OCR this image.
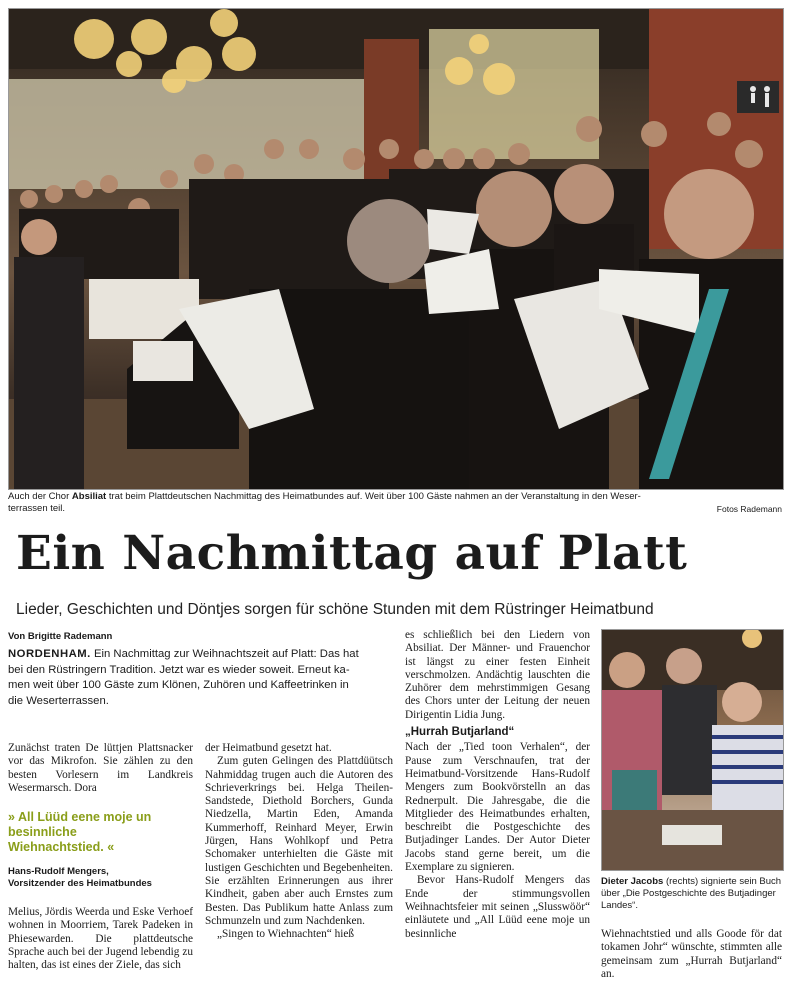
Auch der Chor Absiliat trat beim Plattdeutschen Nachmittag des Heimatbundes auf. Weit über 100 Gäste nahmen an der Veranstaltung in den Weser-
terrassen teil.	Fotos Rademann
Ein Nachmittag auf Platt
Lieder, Geschichten und Döntjes sorgen für schöne Stunden mit dem Rüstringer Heimatbund
Von Brigitte Rademann
NORDENHAM. Ein Nachmittag zur Weihnachtszeit auf Platt: Das hat
bei den Rüstringern Tradition. Jetzt war es wieder soweit. Erneut ka-
men weit über 100 Gäste zum Klönen, Zuhören und Kaffeetrinken in
die Weserterrassen.

Zunächst traten De lüttjen Plattsnacker vor das Mikrofon. Sie zählen zu den besten Vorlesern im Landkreis Wesermarsch. Dora

» All Lüüd eene moje un besinnliche Wiehnachtstied. «
Hans-Rudolf Mengers,
Vorsitzender des Heimatbundes

Melius, Jördis Weerda und Eske Verhoef wohnen in Moorriem, Tarek Padeken in Phiesewarden. Die plattdeutsche Sprache auch bei der Jugend lebendig zu halten, das ist eines der Ziele, das sich

der Heimatbund gesetzt hat.

Zum guten Gelingen des Plattdüütsch Nahmiddag trugen auch die Autoren des Schrieverkrings bei. Helga Theilen-Sandstede, Diethold Borchers, Gunda Niedzella, Martin Eden, Amanda Kummerhoff, Reinhard Meyer, Erwin Jürgen, Hans Wohlkopf und Petra Schomaker unterhielten die Gäste mit lustigen Geschichten und Begebenheiten. Sie erzählten Erinnerungen aus ihrer Kindheit, gaben aber auch Ernstes zum Besten. Das Publikum hatte Anlass zum Schmunzeln und zum Nachdenken.

„Singen to Wiehnachten“ hieß

es schließlich bei den Liedern von Absiliat. Der Männer- und Frauenchor ist längst zu einer festen Einheit verschmolzen. Andächtig lauschten die Zuhörer dem mehrstimmigen Gesang des Chors unter der Leitung der neuen Dirigentin Lidia Jung.

„Hurrah Butjarland“

Nach der „Tied toon Verhalen“, der Pause zum Verschnaufen, trat der Heimatbund-Vorsitzende Hans-Rudolf Mengers zum Bookvörstelln an das Rednerpult. Die Jahresgabe, die die Mitglieder des Heimatbundes erhalten, beschreibt die Postgeschichte des Butjadinger Landes. Der Autor Dieter Jacobs stand gerne bereit, um die Exemplare zu signieren.

Bevor Hans-Rudolf Mengers das Ende der stimmungsvollen Weihnachtsfeier mit seinen „Slusswöör“ einläutete und „All Lüüd eene moje un besinnliche

Dieter Jacobs (rechts) signierte sein Buch über „Die Postgeschichte des Butjadinger Landes“.

Wiehnachtstied und alls Goode för dat tokamen Johr“ wünschte, stimmten alle gemeinsam zum „Hurrah Butjarland“ an.
